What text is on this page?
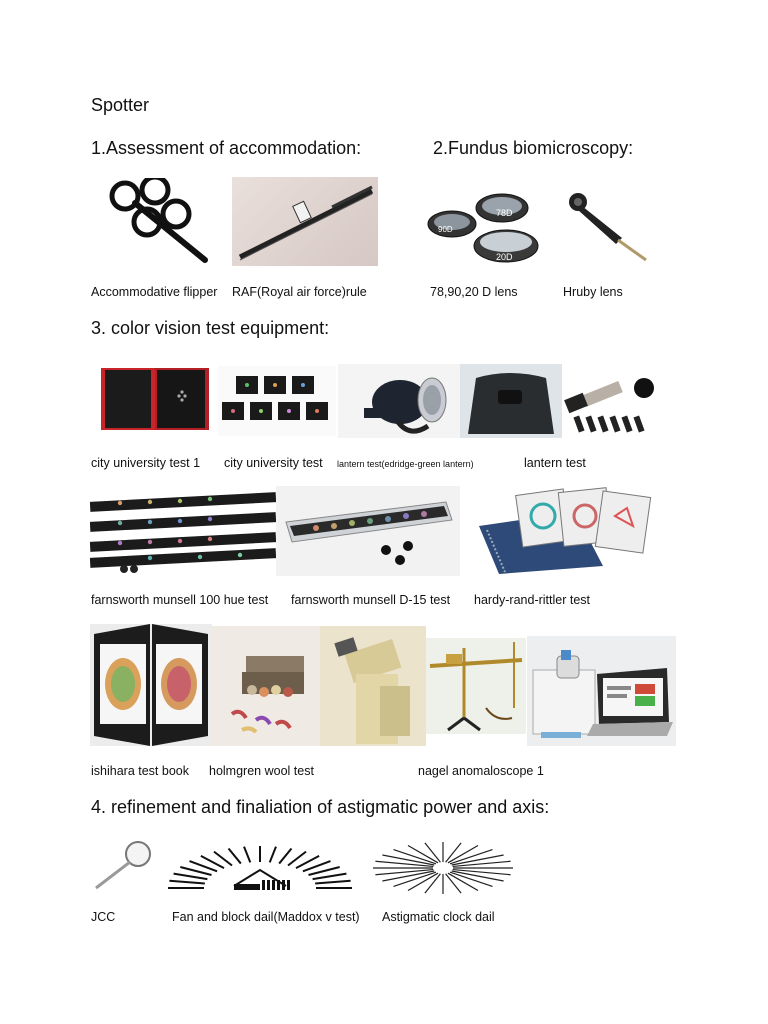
Spotter
1.Assessment of accommodation:	2.Fundus biomicroscopy:
78D
90D
20D
Accommodative flipper RAF(Royal air force)rule	78,90,20 D lens	Hruby lens
3. color vision test equipment:
city university test 1 city university test lantern test(edridge-green lantern)	lantern test
farnsworth munsell 100 hue test farnsworth munsell D-15 test hardy-rand-rittler test
ishihara test book holmgren wool test	nagel anomaloscope 1
4. refinement and finaliation of astigmatic power and axis:
JCC	Fan and block dail(Maddox v test) Astigmatic clock dail
